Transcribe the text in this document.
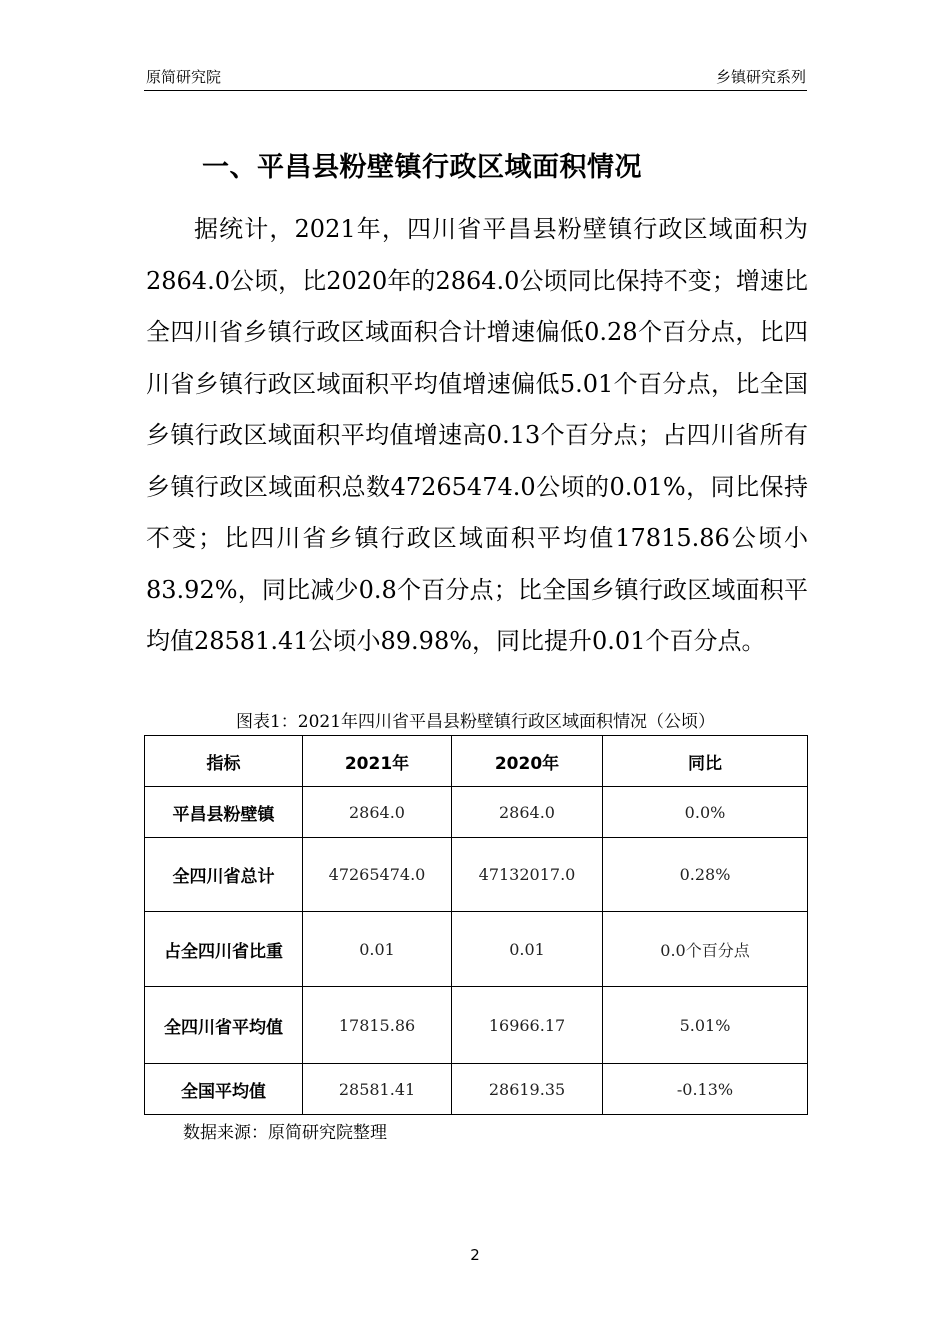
原简研究院	乡镇研究系列
一、平昌县粉壁镇行政区域面积情况

据统计，2021年，四川省平昌县粉壁镇行政区域面积为2864.0公顷，比2020年的2864.0公顷同比保持不变；增速比全四川省乡镇行政区域面积合计增速偏低0.28个百分点，比四川省乡镇行政区域面积平均值增速偏低5.01个百分点，比全国乡镇行政区域面积平均值增速高0.13个百分点；占四川省所有乡镇行政区域面积总数47265474.0公顷的0.01%，同比保持不变；比四川省乡镇行政区域面积平均值17815.86公顷小83.92%，同比减少0.8个百分点；比全国乡镇行政区域面积平均值28581.41公顷小89.98%，同比提升0.01个百分点。

图表1：2021年四川省平昌县粉壁镇行政区域面积情况（公顷）
指标	2021年	2020年	同比
平昌县粉壁镇	2864.0	2864.0	0.0%
全四川省总计	47265474.0	47132017.0	0.28%
占全四川省比重	0.01	0.01	0.0个百分点
全四川省平均值	17815.86	16966.17	5.01%
全国平均值	28581.41	28619.35	-0.13%
数据来源：原简研究院整理
2
